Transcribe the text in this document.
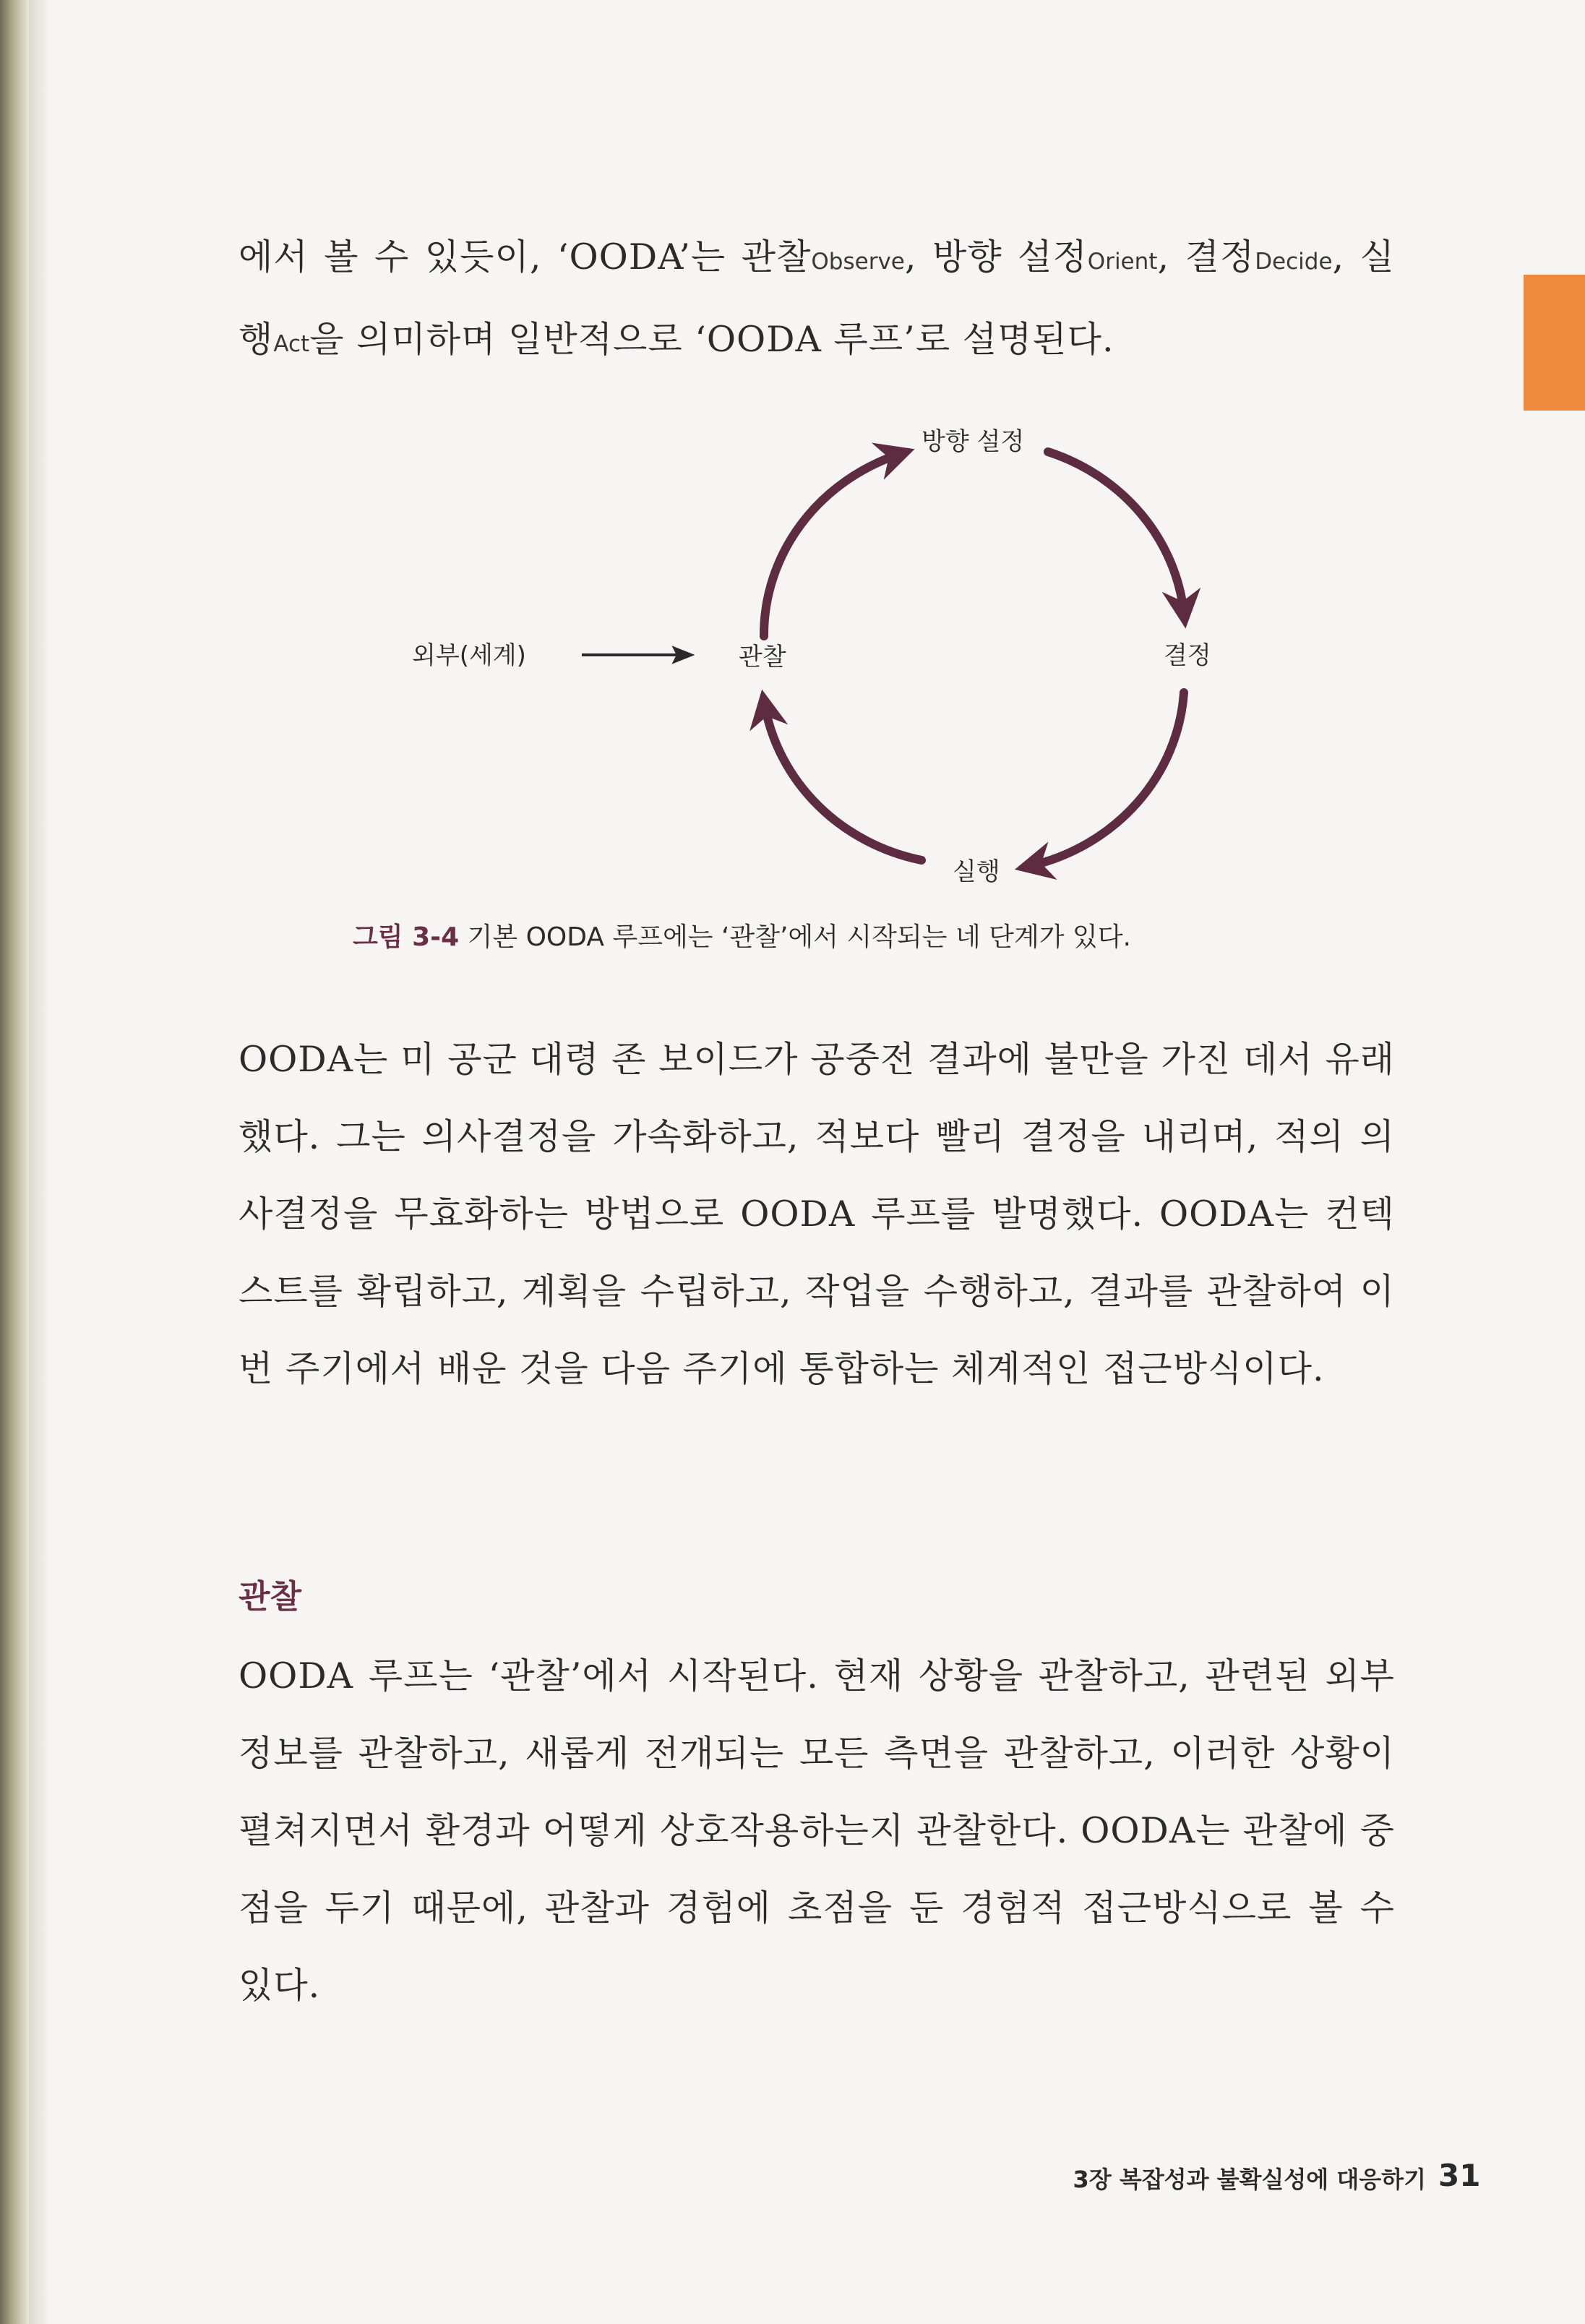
에서 볼 수 있듯이, ‘OODA’는 관찰Observe, 방향 설정Orient, 결정Decide, 실행Act을 의미하며 일반적으로 ‘OODA 루프’로 설명된다.

외부(세계)	관찰
방향 설정
결정
실행
그림 3-4 기본 OODA 루프에는 ‘관찰’에서 시작되는 네 단계가 있다.

OODA는 미 공군 대령 존 보이드가 공중전 결과에 불만을 가진 데서 유래했다. 그는 의사결정을 가속화하고, 적보다 빨리 결정을 내리며, 적의 의사결정을 무효화하는 방법으로 OODA 루프를 발명했다. OODA는 컨텍스트를 확립하고, 계획을 수립하고, 작업을 수행하고, 결과를 관찰하여 이번 주기에서 배운 것을 다음 주기에 통합하는 체계적인 접근방식이다.

관찰

OODA 루프는 ‘관찰’에서 시작된다. 현재 상황을 관찰하고, 관련된 외부 정보를 관찰하고, 새롭게 전개되는 모든 측면을 관찰하고, 이러한 상황이 펼쳐지면서 환경과 어떻게 상호작용하는지 관찰한다. OODA는 관찰에 중점을 두기 때문에, 관찰과 경험에 초점을 둔 경험적 접근방식으로 볼 수 있다.

3장 복잡성과 불확실성에 대응하기 31
